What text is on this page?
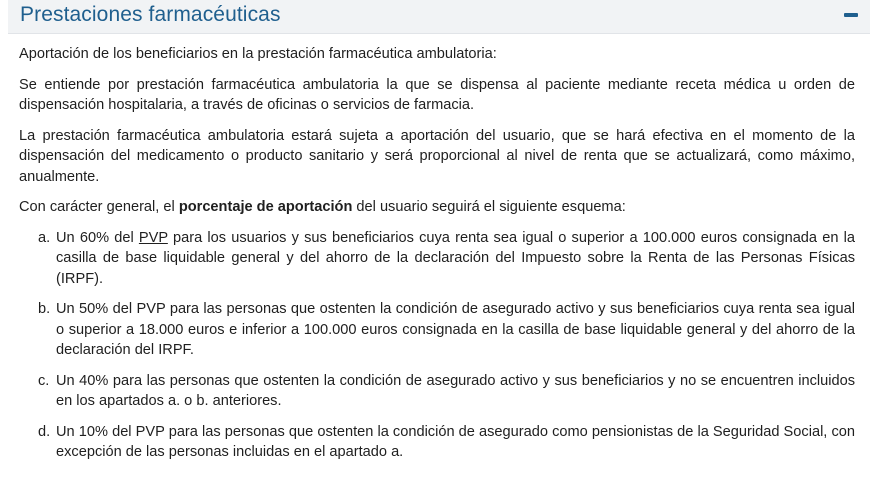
Prestaciones farmacéuticas

Aportación de los beneficiarios en la prestación farmacéutica ambulatoria:

Se entiende por prestación farmacéutica ambulatoria la que se dispensa al paciente mediante receta médica u orden de dispensación hospitalaria, a través de oficinas o servicios de farmacia.

La prestación farmacéutica ambulatoria estará sujeta a aportación del usuario, que se hará efectiva en el momento de la dispensación del medicamento o producto sanitario y será proporcional al nivel de renta que se actualizará, como máximo, anualmente.

Con carácter general, el porcentaje de aportación del usuario seguirá el siguiente esquema:

a. Un 60% del PVP para los usuarios y sus beneficiarios cuya renta sea igual o superior a 100.000 euros consignada en la casilla de base liquidable general y del ahorro de la declaración del Impuesto sobre la Renta de las Personas Físicas (IRPF).
b. Un 50% del PVP para las personas que ostenten la condición de asegurado activo y sus beneficiarios cuya renta sea igual o superior a 18.000 euros e inferior a 100.000 euros consignada en la casilla de base liquidable general y del ahorro de la declaración del IRPF.
c. Un 40% para las personas que ostenten la condición de asegurado activo y sus beneficiarios y no se encuentren incluidos en los apartados a. o b. anteriores.
d. Un 10% del PVP para las personas que ostenten la condición de asegurado como pensionistas de la Seguridad Social, con excepción de las personas incluidas en el apartado a.
